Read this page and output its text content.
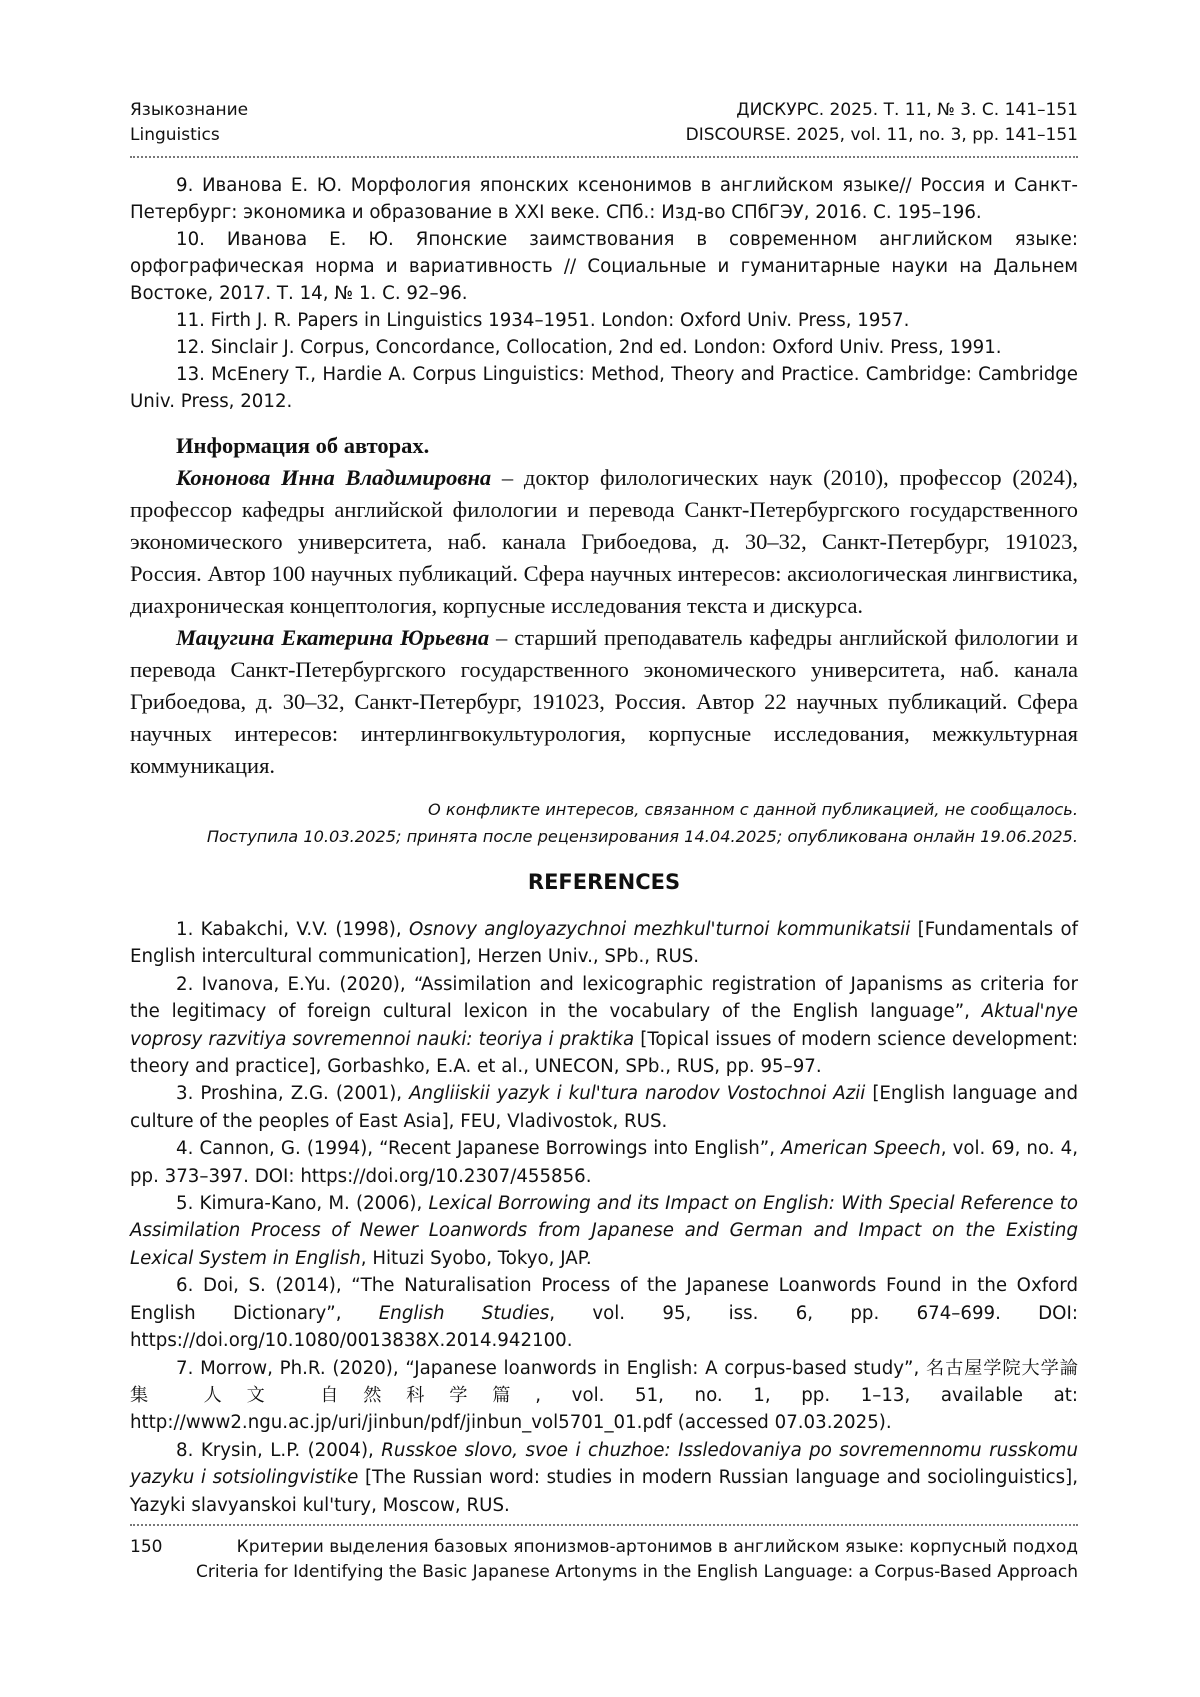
Языкознание	ДИСКУРС. 2025. Т. 11, № 3. С. 141–151
Linguistics	DISCOURSE. 2025, vol. 11, no. 3, pp. 141–151

9. Иванова Е. Ю. Морфология японских ксенонимов в английском языке// Россия и Санкт-Петербург: экономика и образование в XXI веке. СПб.: Изд-во СПбГЭУ, 2016. С. 195–196.

10. Иванова Е. Ю. Японские заимствования в современном английском языке: орфографическая норма и вариативность // Социальные и гуманитарные науки на Дальнем Востоке, 2017. Т. 14, № 1. С. 92–96.

11. Firth J. R. Papers in Linguistics 1934–1951. London: Oxford Univ. Press, 1957.

12. Sinclair J. Corpus, Concordance, Collocation, 2nd ed. London: Oxford Univ. Press, 1991.

13. McEnery T., Hardie A. Corpus Linguistics: Method, Theory and Practice. Cambridge: Cambridge Univ. Press, 2012.

Информация об авторах.

Кононова Инна Владимировна – доктор филологических наук (2010), профессор (2024), профессор кафедры английской филологии и перевода Санкт-Петербургского государственного экономического университета, наб. канала Грибоедова, д. 30–32, Санкт-Петербург, 191023, Россия. Автор 100 научных публикаций. Сфера научных интересов: аксиологическая лингвистика, диахроническая концептология, корпусные исследования текста и дискурса.

Мацугина Екатерина Юрьевна – старший преподаватель кафедры английской филологии и перевода Санкт-Петербургского государственного экономического университета, наб. канала Грибоедова, д. 30–32, Санкт-Петербург, 191023, Россия. Автор 22 научных публикаций. Сфера научных интересов: интерлингвокультурология, корпусные исследования, межкультурная коммуникация.

О конфликте интересов, связанном с данной публикацией, не сообщалось.
Поступила 10.03.2025; принята после рецензирования 14.04.2025; опубликована онлайн 19.06.2025.
REFERENCES

1. Kabakchi, V.V. (1998), Osnovy angloyazychnoi mezhkul'turnoi kommunikatsii [Fundamentals of English intercultural communication], Herzen Univ., SPb., RUS.

2. Ivanova, E.Yu. (2020), “Assimilation and lexicographic registration of Japanisms as criteria for the legitimacy of foreign cultural lexicon in the vocabulary of the English language”, Aktual'nye voprosy razvitiya sovremennoi nauki: teoriya i praktika [Topical issues of modern science development: theory and practice], Gorbashko, E.A. et al., UNECON, SPb., RUS, pp. 95–97.

3. Proshina, Z.G. (2001), Angliiskii yazyk i kul'tura narodov Vostochnoi Azii [English language and culture of the peoples of East Asia], FEU, Vladivostok, RUS.

4. Cannon, G. (1994), “Recent Japanese Borrowings into English”, American Speech, vol. 69, no. 4, pp. 373–397. DOI: https://doi.org/10.2307/455856.

5. Kimura-Kano, M. (2006), Lexical Borrowing and its Impact on English: With Special Reference to Assimilation Process of Newer Loanwords from Japanese and German and Impact on the Existing Lexical System in English, Hituzi Syobo, Tokyo, JAP.

6. Doi, S. (2014), “The Naturalisation Process of the Japanese Loanwords Found in the Oxford English Dictionary”, English Studies, vol. 95, iss. 6, pp. 674–699. DOI: https://doi.org/10.1080/0013838X.2014.942100.

7. Morrow, Ph.R. (2020), “Japanese loanwords in English: A corpus-based study”, 名古屋学院大学論集 人文 自然科学篇, vol. 51, no. 1, pp. 1–13, available at: http://www2.ngu.ac.jp/uri/jinbun/pdf/jinbun_vol5701_01.pdf (accessed 07.03.2025).

8. Krysin, L.P. (2004), Russkoe slovo, svoe i chuzhoe: Issledovaniya po sovremennomu russkomu yazyku i sotsiolingvistike [The Russian word: studies in modern Russian language and sociolinguistics], Yazyki slavyanskoi kul'tury, Moscow, RUS.

150	Критерии выделения базовых японизмов-артонимов в английском языке: корпусный подход
Criteria for Identifying the Basic Japanese Artonyms in the English Language: a Corpus-Based Approach
